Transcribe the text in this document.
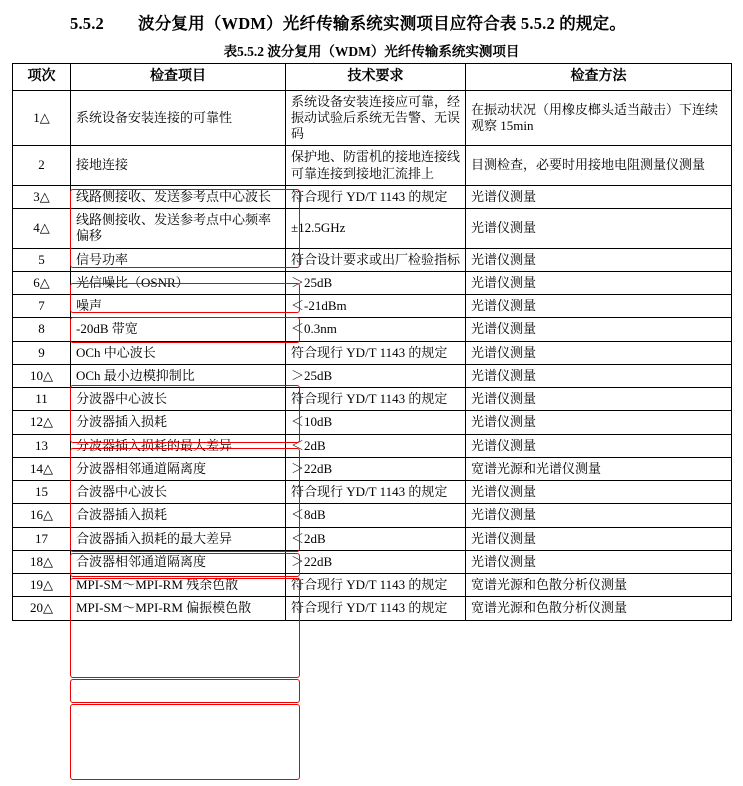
5.5.2 波分复用（WDM）光纤传输系统实测项目应符合表 5.5.2 的规定。
表5.5.2 波分复用（WDM）光纤传输系统实测项目
项次	检查项目	技术要求	检查方法
1△	系统设备安装连接的可靠性	系统设备安装连接应可靠，经振动试验后系统无告警、无误码	在振动状况（用橡皮榔头适当敲击）下连续观察 15min
2	接地连接	保护地、防雷机的接地连接线可靠连接到接地汇流排上	目测检查，必要时用接地电阻测量仪测量
3△	线路侧接收、发送参考点中心波长	符合现行 YD/T 1143 的规定	光谱仪测量
4△	线路侧接收、发送参考点中心频率偏移	±12.5GHz	光谱仪测量
5	信号功率	符合设计要求或出厂检验指标	光谱仪测量
6△	光信噪比（OSNR）	＞25dB	光谱仪测量
7	噪声	＜-21dBm	光谱仪测量
8	-20dB 带宽	＜0.3nm	光谱仪测量
9	OCh 中心波长	符合现行 YD/T 1143 的规定	光谱仪测量
10△	OCh 最小边模抑制比	＞25dB	光谱仪测量
11	分波器中心波长	符合现行 YD/T 1143 的规定	光谱仪测量
12△	分波器插入损耗	＜10dB	光谱仪测量
13	分波器插入损耗的最大差异	＜2dB	光谱仪测量
14△	分波器相邻通道隔离度	＞22dB	宽谱光源和光谱仪测量
15	合波器中心波长	符合现行 YD/T 1143 的规定	光谱仪测量
16△	合波器插入损耗	＜8dB	光谱仪测量
17	合波器插入损耗的最大差异	＜2dB	光谱仪测量
18△	合波器相邻通道隔离度	＞22dB	光谱仪测量
19△	MPI-SM～MPI-RM 残余色散	符合现行 YD/T 1143 的规定	宽谱光源和色散分析仪测量
20△	MPI-SM～MPI-RM 偏振模色散	符合现行 YD/T 1143 的规定	宽谱光源和色散分析仪测量
